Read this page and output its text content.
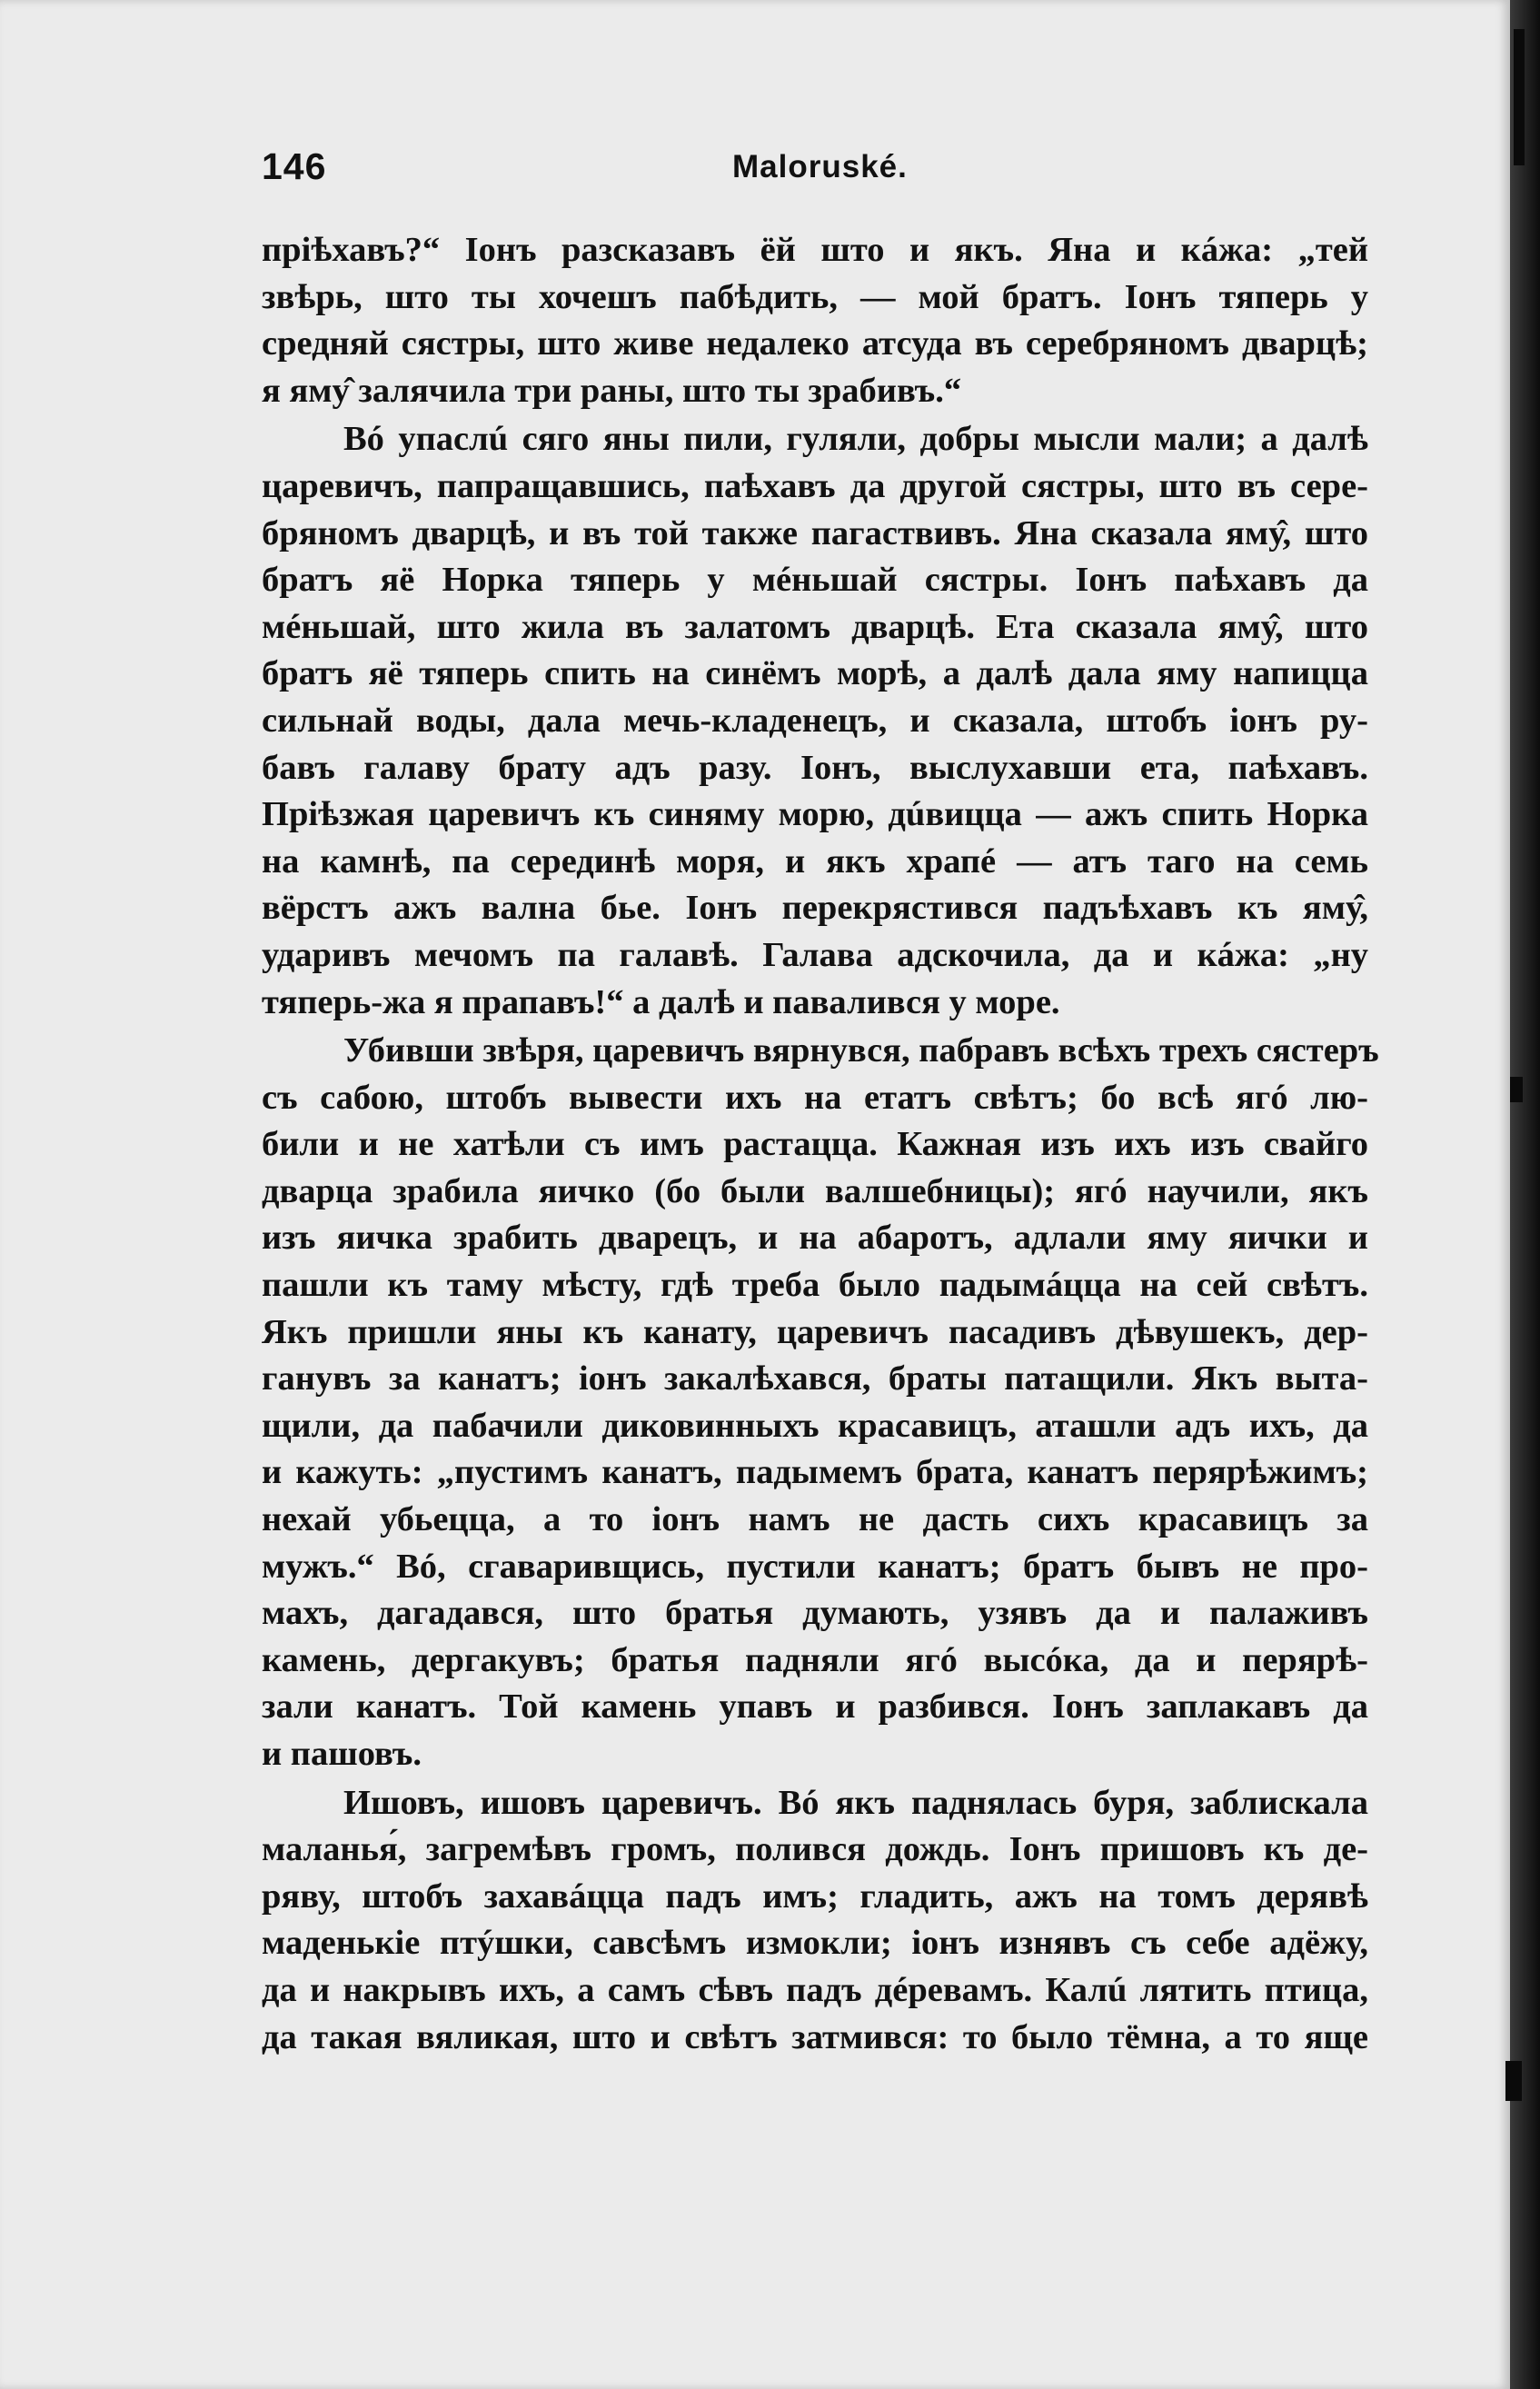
146	Maloruské.
пріѣхавъ?“ Іонъ разсказавъ ёй што и якъ. Яна и кáжа: „тей
звѣрь, што ты хочешъ пабѣдить, — мой братъ. Іонъ тяперь у
средняй сястры, што живе недалеко атсуда въ серебряномъ дварцѣ;
я яму̂ залячила три раны, што ты зрабивъ.“
Вó упаслú сяго яны пили, гуляли, добры мысли мали; а далѣ
царевичъ, папращавшись, паѣхавъ да другой сястры, што въ сере-
бряномъ дварцѣ, и въ той также пагаствивъ. Яна сказала яму̂, што
братъ яё Норка тяперь у мéньшай сястры. Іонъ паѣхавъ да
мéньшай, што жила въ залатомъ дварцѣ. Ета сказала яму̂, што
братъ яё тяперь спить на синёмъ морѣ, а далѣ дала яму напицца
сильнай воды, дала мечь-кладенецъ, и сказала, штобъ іонъ ру-
бавъ галаву брату адъ разу. Іонъ, выслухавши ета, паѣхавъ.
Пріѣзжая царевичъ къ синяму морю, дúвицца — ажъ спить Норка
на камнѣ, па серединѣ моря, и якъ храпé — атъ таго на семь
вёрстъ ажъ вална бье. Іонъ перекрястився падъѣхавъ къ яму̂,
ударивъ мечомъ па галавѣ. Галава адскочила, да и кáжа: „ну
тяперь-жа я прапавъ!“ а далѣ и павалився у море.
Убивши звѣря, царевичъ вярнувся, пабравъ всѣхъ трехъ сястеръ
съ сабою, штобъ вывести ихъ на етатъ свѣтъ; бо всѣ ягó лю-
били и не хатѣли съ имъ растацца. Кажная изъ ихъ изъ свайго
дварца зрабила яичко (бо были валшебницы); ягó научили, якъ
изъ яичка зрабить дварецъ, и на абаротъ, адлали яму яички и
пашли къ таму мѣсту, гдѣ треба было падымáцца на сей свѣтъ.
Якъ пришли яны къ канату, царевичъ пасадивъ дѣвушекъ, дер-
ганувъ за канатъ; іонъ закалѣхався, браты патащили. Якъ выта-
щили, да пабачили диковинныхъ красавицъ, аташли адъ ихъ, да
и кажуть: „пустимъ канатъ, падымемъ брата, канатъ перярѣжимъ;
нехай убьецца, а то іонъ намъ не дасть сихъ красавицъ за
мужъ.“ Вó, сгаваривщись, пустили канатъ; братъ бывъ не про-
махъ, дагадався, што братья думають, узявъ да и палаживъ
камень, дергакувъ; братья падняли ягó высóка, да и перярѣ-
зали канатъ. Той камень упавъ и разбився. Іонъ заплакавъ да
и пашовъ.
Ишовъ, ишовъ царевичъ. Вó якъ паднялась буря, заблискала
маланья́, загремѣвъ громъ, полився дождь. Іонъ пришовъ къ де-
ряву, штобъ захавáцца падъ имъ; гладить, ажъ на томъ дерявѣ
маденькіе птýшки, савсѣмъ измокли; іонъ изнявъ съ себе адёжу,
да и накрывъ ихъ, а самъ сѣвъ падъ дéревамъ. Калú лятить птица,
да такая вяликая, што и свѣтъ затмився: то было тёмна, а то яще
